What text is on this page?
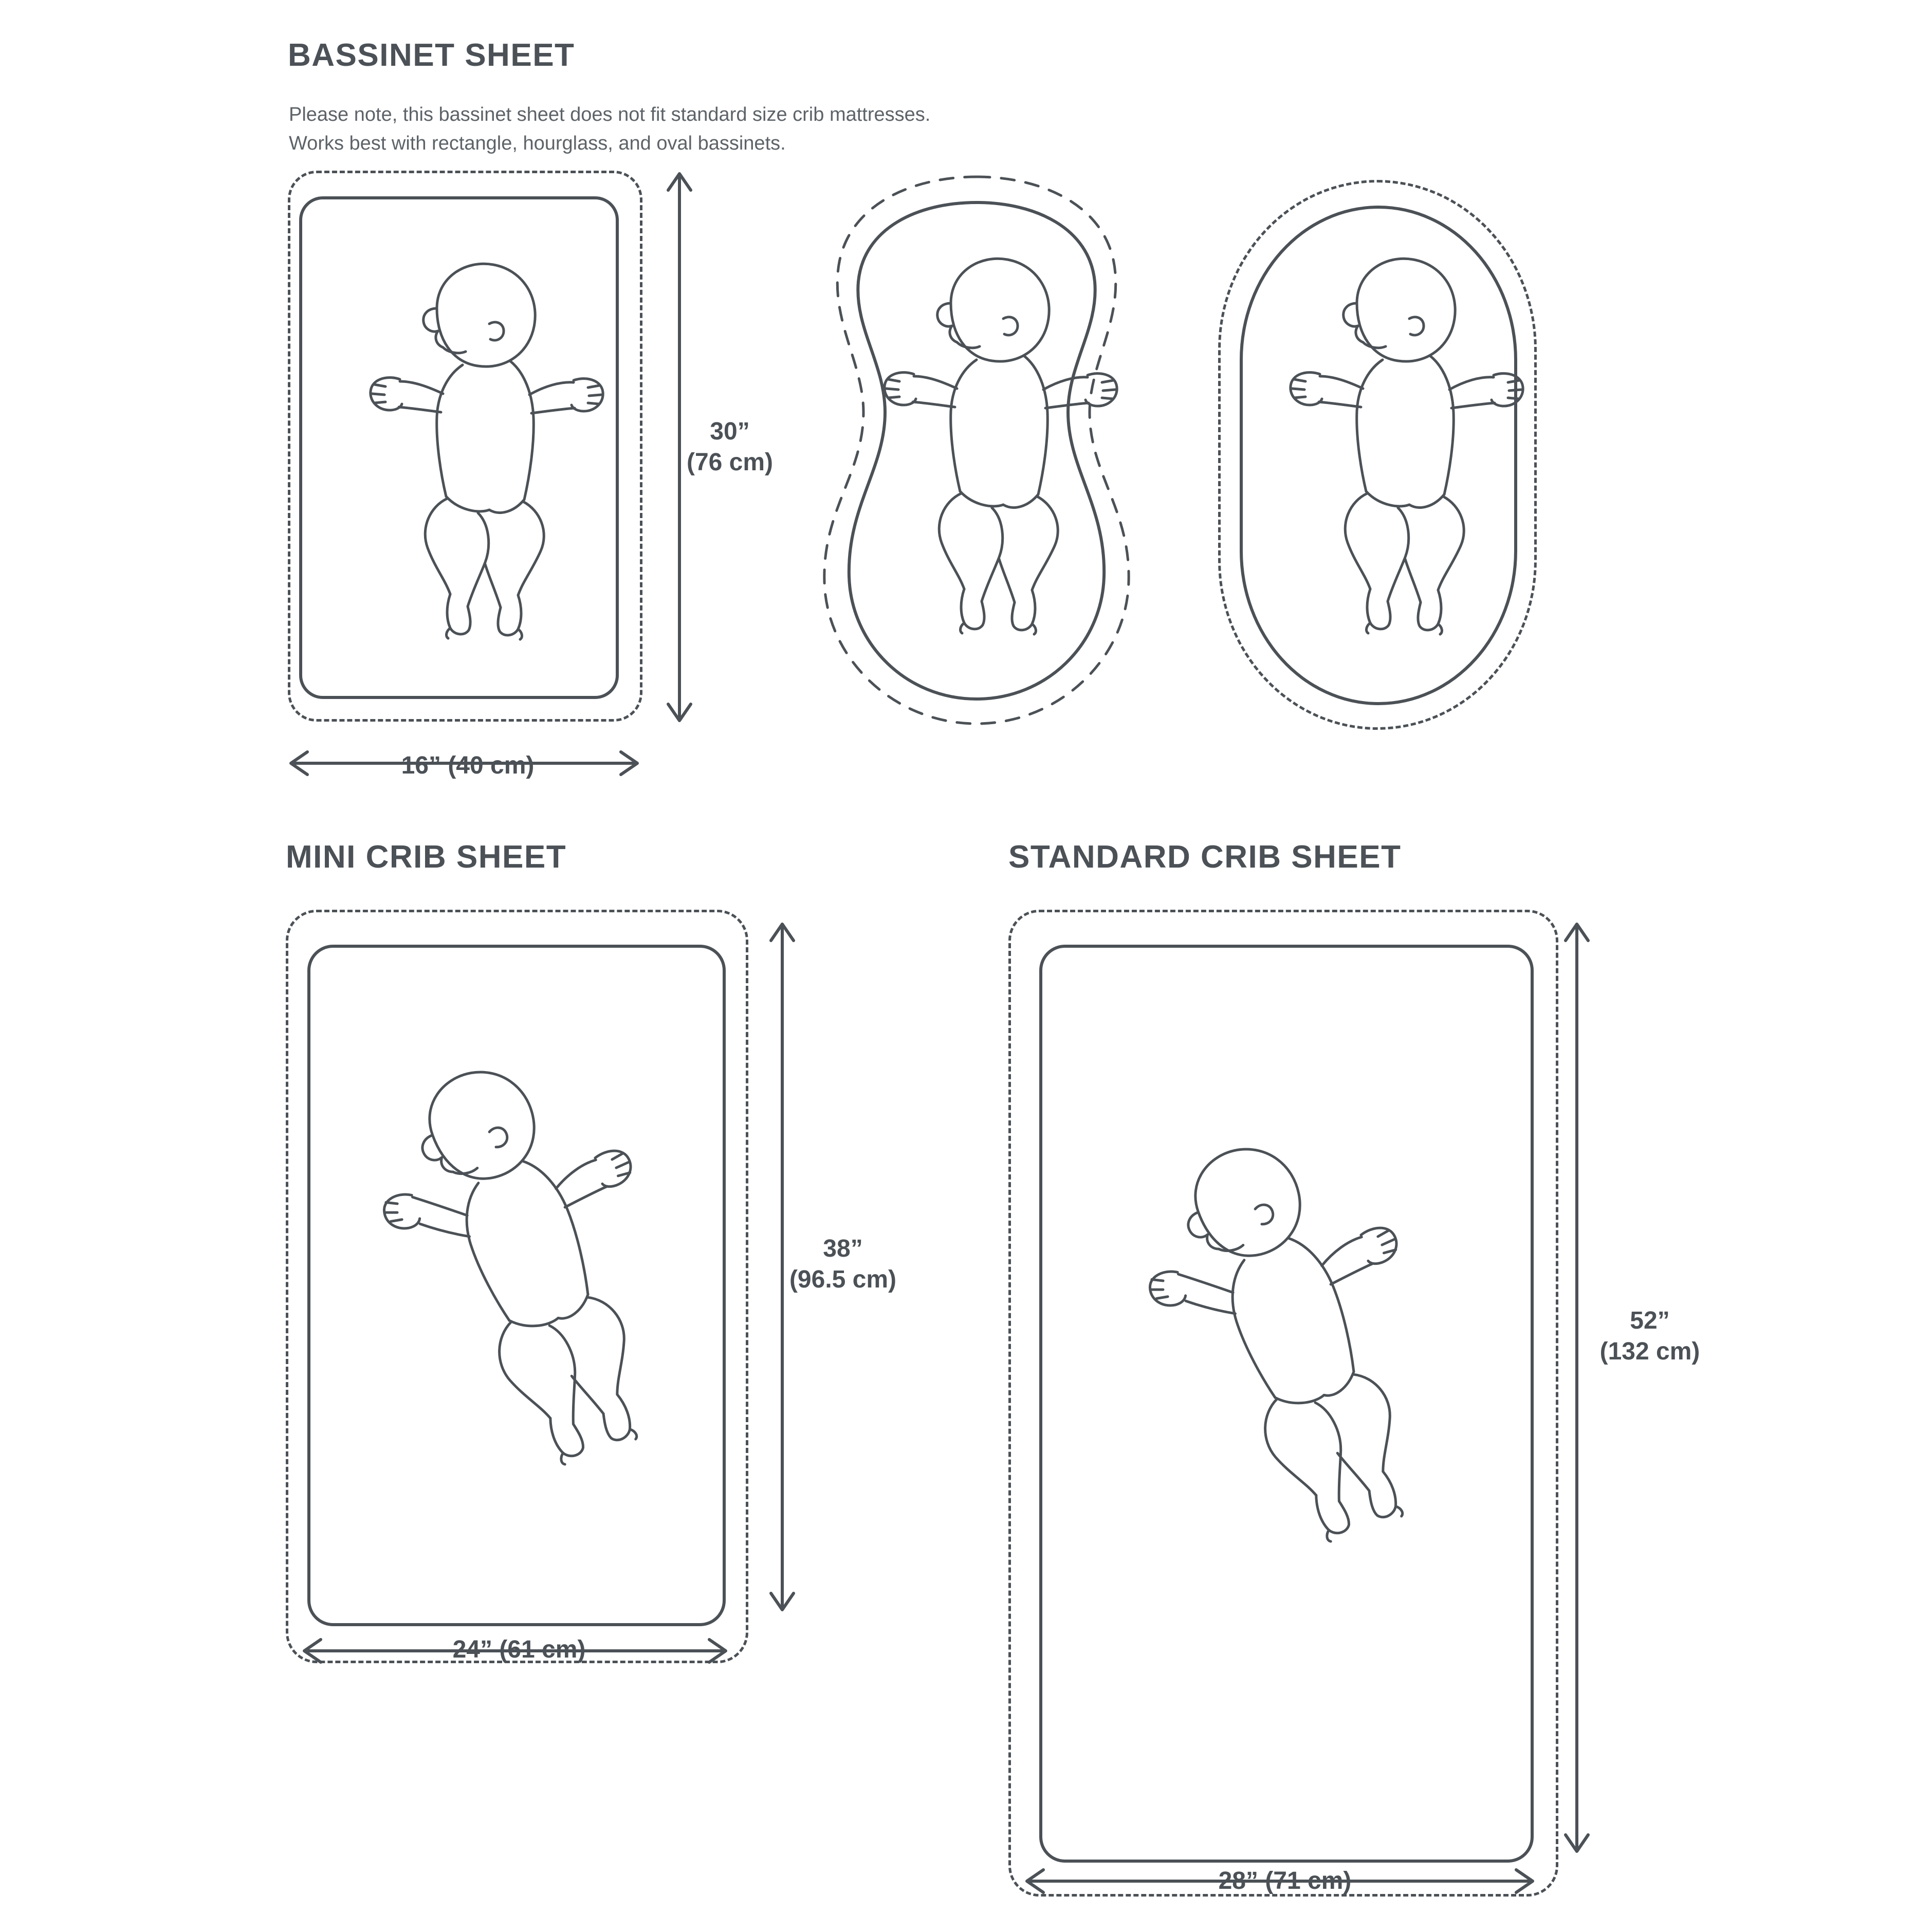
BASSINET SHEET
Please note, this bassinet sheet does not fit standard size crib mattresses.
Works best with rectangle, hourglass, and oval bassinets.
30”
(76 cm)
16” (40 cm)
MINI CRIB SHEET
38”
(96.5 cm)
24” (61 cm)
STANDARD CRIB SHEET
52”
(132 cm)
28” (71 cm)
